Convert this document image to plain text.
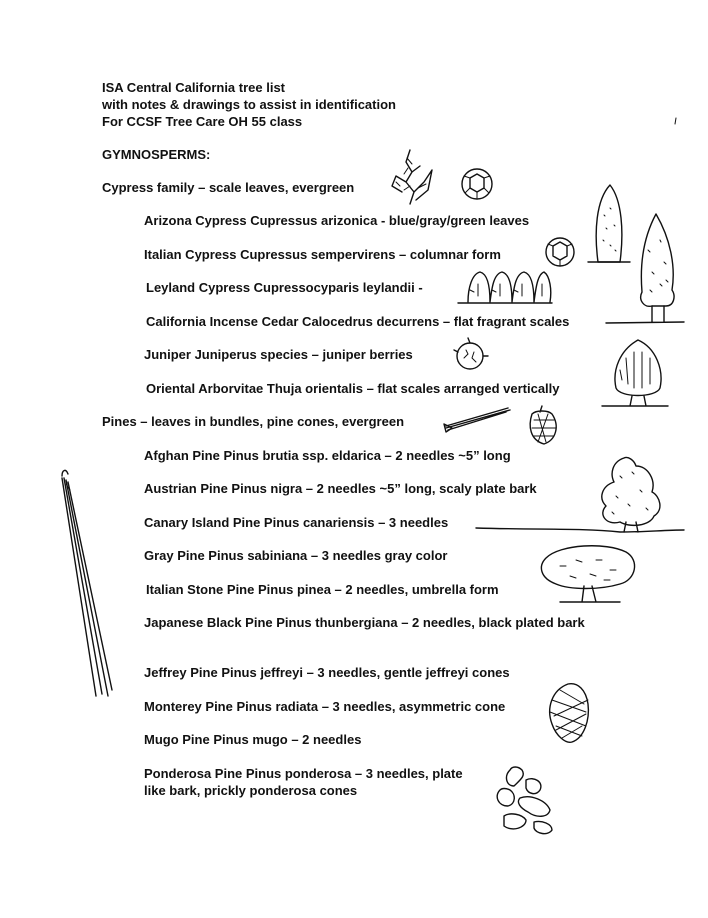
ISA Central California tree list
with notes & drawings to assist in identification
For CCSF Tree Care OH 55 class
GYMNOSPERMS:
Cypress family – scale leaves, evergreen
Arizona Cypress Cupressus arizonica - blue/gray/green leaves
Italian Cypress Cupressus sempervirens – columnar form
Leyland Cypress Cupressocyparis leylandii -
California Incense Cedar Calocedrus decurrens – flat fragrant scales
Juniper Juniperus species – juniper berries
Oriental Arborvitae Thuja orientalis – flat scales arranged vertically
Pines – leaves in bundles, pine cones, evergreen
Afghan Pine Pinus brutia ssp. eldarica – 2 needles ~5” long
Austrian Pine Pinus nigra – 2 needles ~5” long, scaly plate bark
Canary Island Pine Pinus canariensis – 3 needles
Gray Pine Pinus sabiniana – 3 needles gray color
Italian Stone Pine Pinus pinea – 2 needles, umbrella form
Japanese Black Pine Pinus thunbergiana – 2 needles, black plated bark
Jeffrey Pine Pinus jeffreyi – 3 needles, gentle jeffreyi cones
Monterey Pine Pinus radiata – 3 needles, asymmetric cone
Mugo Pine Pinus mugo – 2 needles
Ponderosa Pine Pinus ponderosa – 3 needles, plate like bark, prickly ponderosa cones
